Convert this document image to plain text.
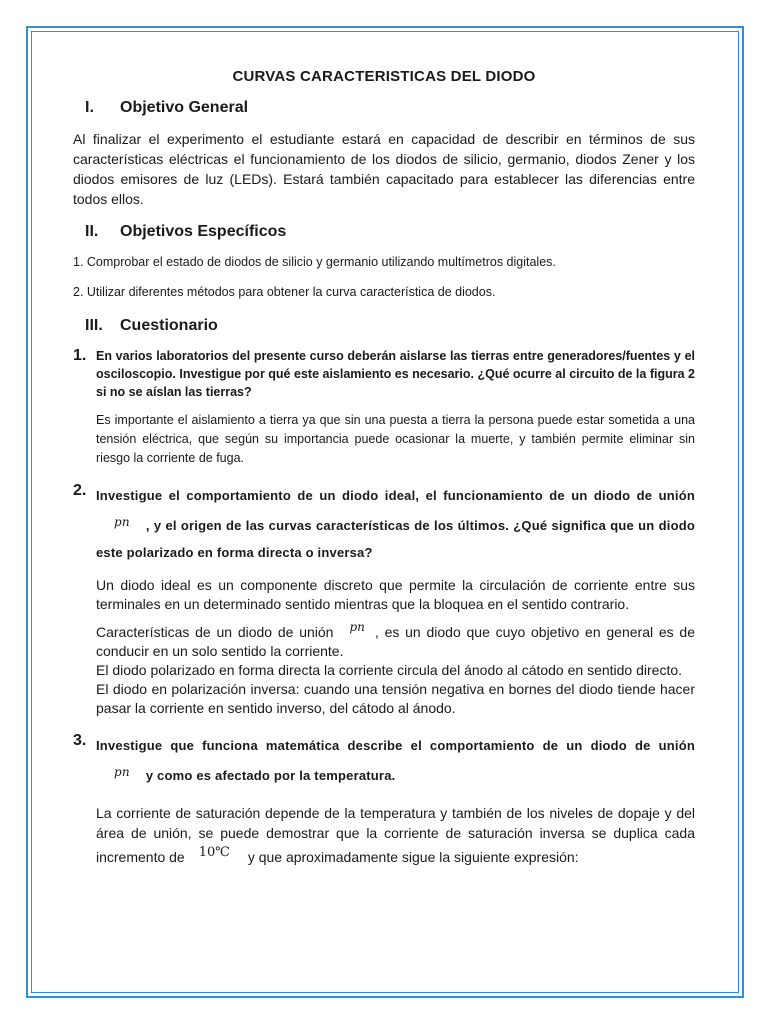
CURVAS CARACTERISTICAS DEL DIODO
I.	Objetivo General
Al finalizar el experimento el estudiante estará en capacidad de describir en términos de sus características eléctricas el funcionamiento de los diodos de silicio, germanio, diodos Zener y los diodos emisores de luz (LEDs). Estará también capacitado para establecer las diferencias entre todos ellos.
II.	Objetivos Específicos
1. Comprobar el estado de diodos de silicio y germanio utilizando multímetros digitales.
2. Utilizar diferentes métodos para obtener la curva característica de diodos.
III.	Cuestionario
1. En varios laboratorios del presente curso deberán aislarse las tierras entre generadores/fuentes y el osciloscopio. Investigue por qué este aislamiento es necesario. ¿Qué ocurre al circuito de la figura 2 si no se aíslan las tierras?
Es importante el aislamiento a tierra ya que sin una puesta a tierra la persona puede estar sometida a una tensión eléctrica, que según su importancia puede ocasionar la muerte, y también permite eliminar sin riesgo la corriente de fuga.
2. Investigue el comportamiento de un diodo ideal, el funcionamiento de un diodo de uniónpn , y el origen de las curvas características de los últimos. ¿Qué significa que un diodo este polarizado en forma directa o inversa?
Un diodo ideal es un componente discreto que permite la circulación de corriente entre sus terminales en un determinado sentido mientras que la bloquea en el sentido contrario.
Características de un diodo de unión pn , es un diodo que cuyo objetivo en general es de conducir en un solo sentido la corriente.
El diodo polarizado en forma directa la corriente circula del ánodo al cátodo en sentido directo.
El diodo en polarización inversa: cuando una tensión negativa en bornes del diodo tiende hacer pasar la corriente en sentido inverso, del cátodo al ánodo.
3. Investigue que funciona matemática describe el comportamiento de un diodo de uniónpn y como es afectado por la temperatura.
La corriente de saturación depende de la temperatura y también de los niveles de dopaje y del área de unión, se puede demostrar que la corriente de saturación inversa se duplica cada incremento de 10℃ y que aproximadamente sigue la siguiente expresión:
